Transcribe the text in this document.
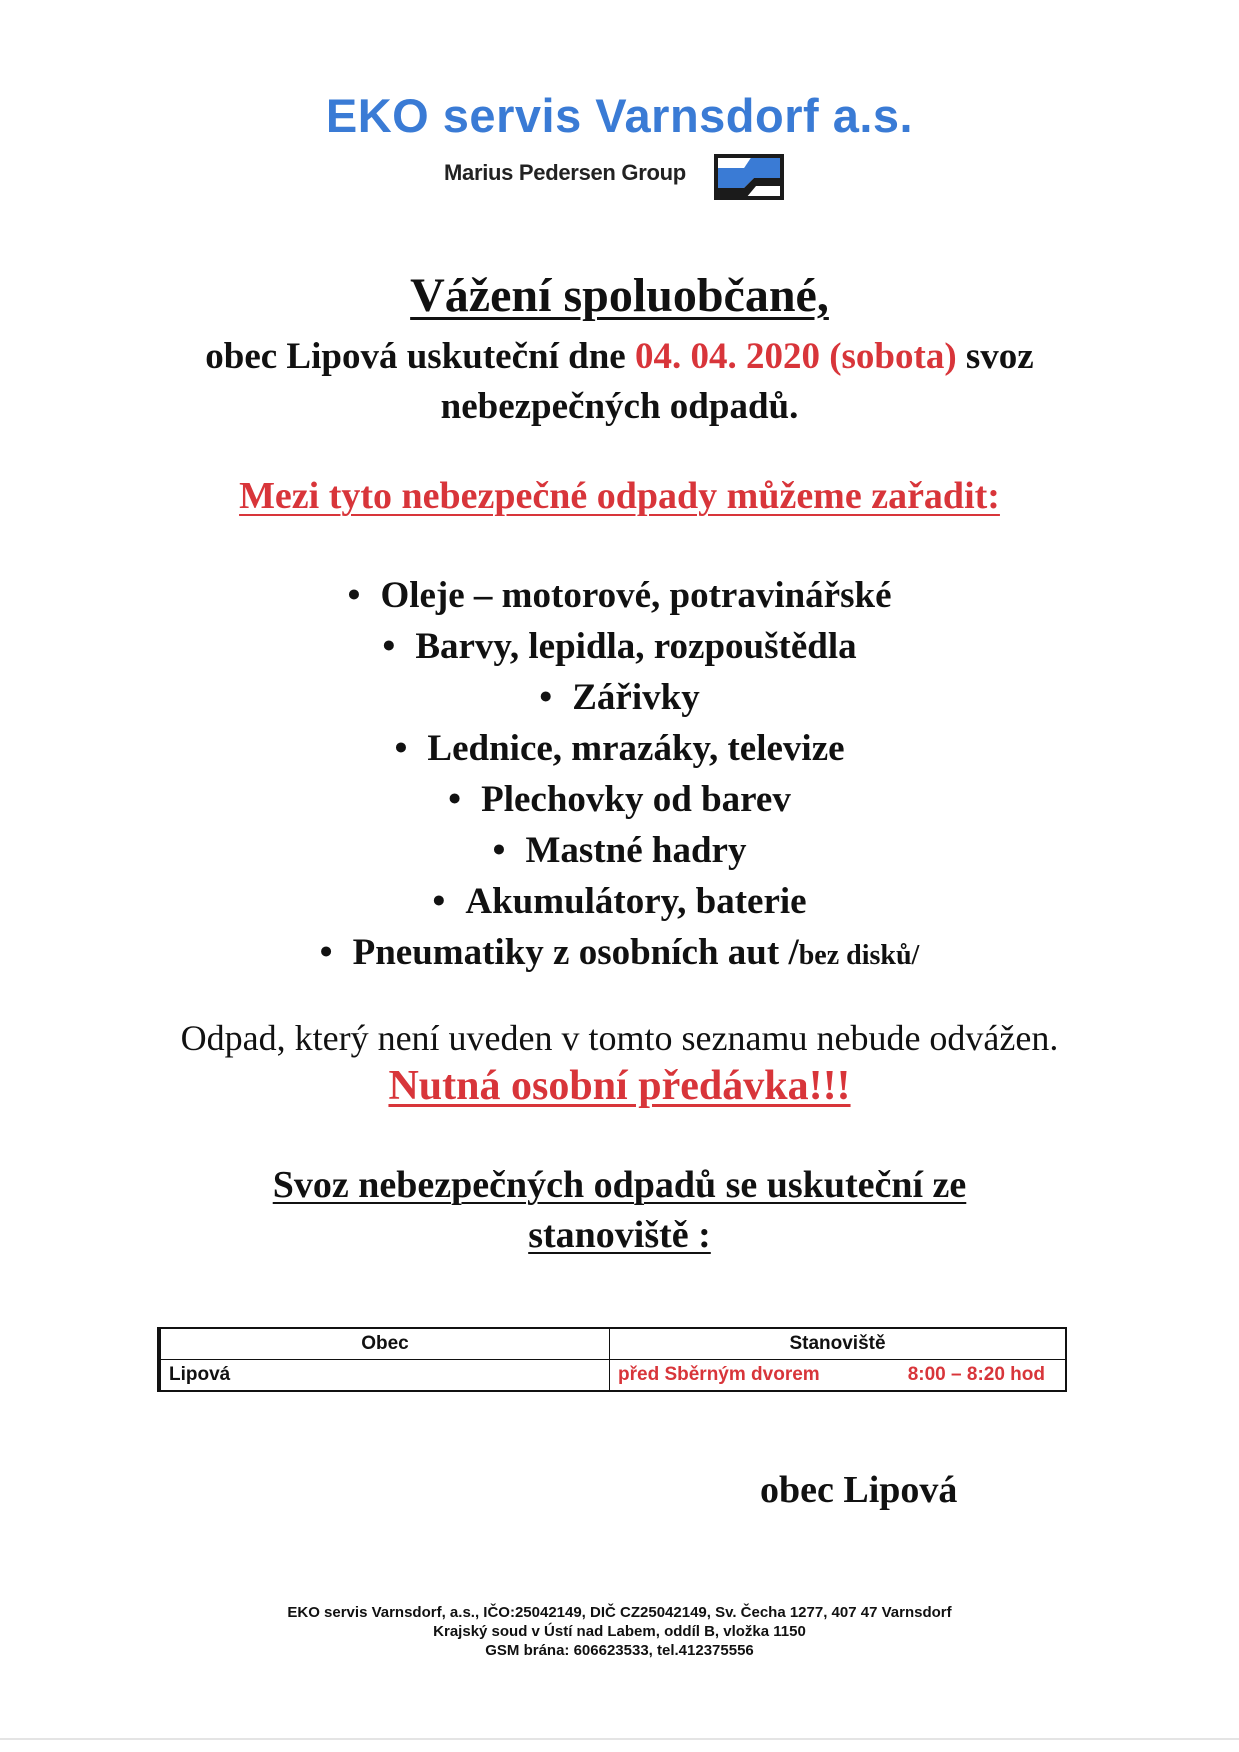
EKO servis Varnsdorf a.s.
Marius Pedersen Group
Vážení spoluobčané,
obec Lipová uskuteční dne 04. 04. 2020 (sobota) svoz
nebezpečných odpadů.
Mezi tyto nebezpečné odpady můžeme zařadit:
• Oleje – motorové, potravinářské
• Barvy, lepidla, rozpouštědla
• Zářivky
• Lednice, mrazáky, televize
• Plechovky od barev
• Mastné hadry
• Akumulátory, baterie
• Pneumatiky z osobních aut /bez disků/
Odpad, který není uveden v tomto seznamu nebude odvážen.
Nutná osobní předávka!!!
Svoz nebezpečných odpadů se uskuteční ze
stanoviště :
Obec	Stanoviště
Lipová	před Sběrným dvorem 8:00 – 8:20 hod
obec Lipová
EKO servis Varnsdorf, a.s., IČO:25042149, DIČ CZ25042149, Sv. Čecha 1277, 407 47 Varnsdorf
Krajský soud v Ústí nad Labem, oddíl B, vložka 1150
GSM brána: 606623533, tel.412375556
